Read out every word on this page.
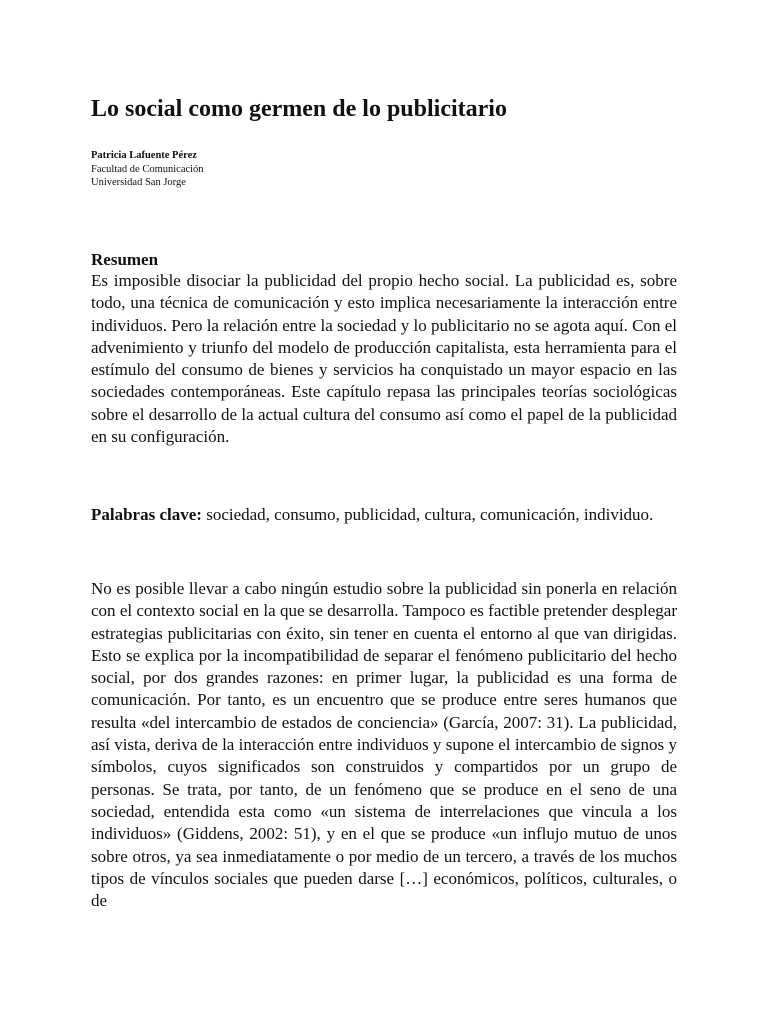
Lo social como germen de lo publicitario
Patricia Lafuente Pérez
Facultad de Comunicación
Universidad San Jorge
Resumen

Es imposible disociar la publicidad del propio hecho social. La publicidad es, sobre todo, una técnica de comunicación y esto implica necesariamente la interacción entre individuos. Pero la relación entre la sociedad y lo publicitario no se agota aquí. Con el advenimiento y triunfo del modelo de producción capitalista, esta herramienta para el estímulo del consumo de bienes y servicios ha conquistado un mayor espacio en las sociedades contemporáneas. Este capítulo repasa las principales teorías sociológicas sobre el desarrollo de la actual cultura del consumo así como el papel de la publicidad en su configuración.

Palabras clave: sociedad, consumo, publicidad, cultura, comunicación, individuo.

No es posible llevar a cabo ningún estudio sobre la publicidad sin ponerla en relación con el contexto social en la que se desarrolla. Tampoco es factible pretender desplegar estrategias publicitarias con éxito, sin tener en cuenta el entorno al que van dirigidas. Esto se explica por la incompatibilidad de separar el fenómeno publicitario del hecho social, por dos grandes razones: en primer lugar, la publicidad es una forma de comunicación. Por tanto, es un encuentro que se produce entre seres humanos que resulta «del intercambio de estados de conciencia» (García, 2007: 31). La publicidad, así vista, deriva de la interacción entre individuos y supone el intercambio de signos y símbolos, cuyos significados son construidos y compartidos por un grupo de personas. Se trata, por tanto, de un fenómeno que se produce en el seno de una sociedad, entendida esta como «un sistema de interrelaciones que vincula a los individuos» (Giddens, 2002: 51), y en el que se produce «un influjo mutuo de unos sobre otros, ya sea inmediatamente o por medio de un tercero, a través de los muchos tipos de vínculos sociales que pueden darse […] económicos, políticos, culturales, o de
